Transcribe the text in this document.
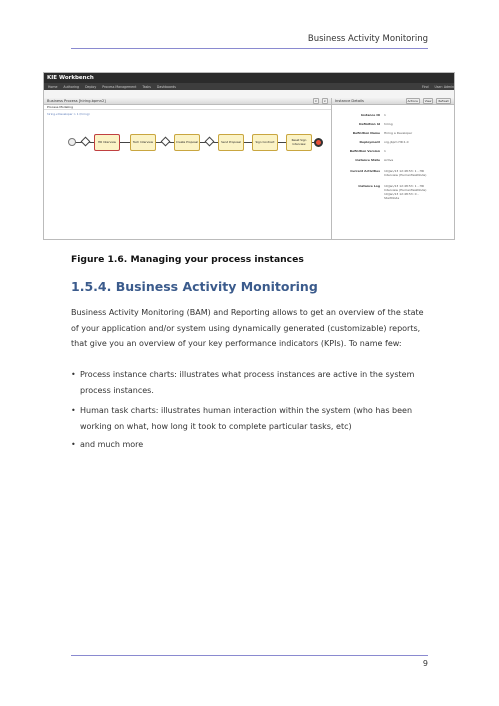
Business Activity Monitoring
KIE Workbench
Home Authoring Deploy Process Management Tasks Dashboards	Find User: Admin
Business Process [hiring.bpmn2]	▾	×
Process Modeling
hiring.v.Developer > 1 (hiring)
HR Interview	Tech Interview	Create Proposal	Send Proposal	Sign Contract	Reset Sign Interview
Instance Details	Actions	View	Refresh
Instance ID	1
Definition Id	hiring
Definition Name	Hiring a Developer
Deployment	org.jbpm:HR:1.0
Definition Version	1
Instance State	Active
Current Activities	10/Jan/13 12:48:53: 1 - HR Interview (HumanTaskNode)
Instance Log	10/Jan/13 12:48:53: 1 - HR Interview (HumanTaskNode) 10/Jan/13 12:48:53: 0 - StartNode
Figure 1.6. Managing your process instances
1.5.4. Business Activity Monitoring
Business Activity Monitoring (BAM) and Reporting allows to get an overview of the state of your application and/or system using dynamically generated (customizable) reports, that give you an overview of your key performance indicators (KPIs). To name few:
• Process instance charts: illustrates what process instances are active in the system process instances.
• Human task charts: illustrates human interaction within the system (who has been working on what, how long it took to complete particular tasks, etc)
• and much more
9
